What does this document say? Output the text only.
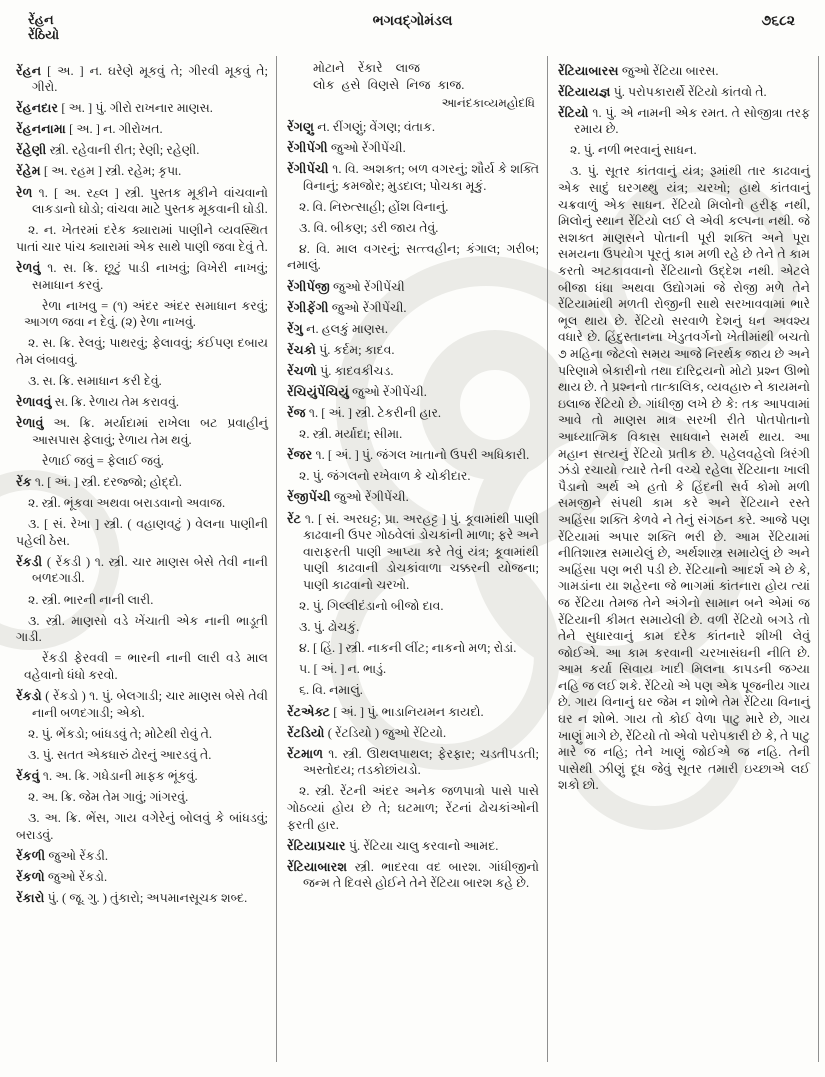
રેંહન
રેંઠિયો
ભગવદ્ગોમંડલ	૭૬૮૨

રેંહન [ અ. ] ન. ઘરેણે મૂકવું તે; ગીરવી મૂકવું તે; ગીરો.

રેંહનદાર [ અ. ] પું. ગીરો રાખનાર માણસ.

રેંહનનામા [ અ. ] ન. ગીરોખત.

રેંહેણી સ્ત્રી. રહેવાની રીત; રેણી; રહેણી.

રેંહેમ [ અ. રહમ ] સ્ત્રી. રહેમ; કૃપા.

રેળ ૧. [ અ. રહ્લ ] સ્ત્રી. પુસ્તક મૂકીને વાંચવાનો લાકડાનો ઘોડો; વાંચવા માટે પુસ્તક મૂકવાની ઘોડી.

૨. ન. ખેતરમાં દરેક ક્યારામાં પાણીને વ્યવસ્થિત પાતાં ચાર પાંચ ક્યારામાં એક સાથે પાણી જવા દેવું તે.

રેળવું ૧. સ. ક્રિ. છૂટું પાડી નાખવું; વિખેરી નાખવું; સમાધાન કરવું.

રેળા નાખવુ = (૧) અંદર અંદર સમાધાન કરવું; આગળ જવા ન દેવું. (૨) રેળા નાખવું.

૨. સ. ક્રિ. રેલવું; પાથરવું; ફેલાવવું; કંઈપણ દબાય તેમ લંબાવવું.

૩. સ. ક્રિ. સમાધાન કરી દેવું.

રેળાવવું સ. ક્રિ. રેળાય તેમ કરાવવું.

રેળાવું અ. ક્રિ. મર્યાદામાં રાખેલા બટ પ્રવાહીનું આસપાસ ફેલાવું; રેળાય તેમ થવું.

રેળાઈ જવું = ફેલાઈ જવું.

રેંક ૧. [ અં. ] સ્ત્રી. દરજ્જો; હોદ્દો.

૨. સ્ત્રી. ભૂંકવા અથવા બરાડવાનો અવાજ.

૩. [ સં. રેખા ] સ્ત્રી. ( વહાણવટું ) વેલના પાણીની પહેલી ઠેસ.

રેંકડી ( રેંકડી ) ૧. સ્ત્રી. ચાર માણસ બેસે તેવી નાની બળદગાડી.

૨. સ્ત્રી. ભારની નાની લારી.

૩. સ્ત્રી. માણસો વડે ખેંચાતી એક નાની ભાડૂતી ગાડી.

રેંકડી ફેરવવી = ભારની નાની લારી વડે માલ વહેવાનો ધંધો કરવો.

રેંકડો ( રેંકડો ) ૧. પું. બેલગાડી; ચાર માણસ બેસે તેવી નાની બળદગાડી; એકો.

૨. પું. ભેંકડો; બાંધડવું તે; મોટેથી રોવું તે.

૩. પું. સતત એકધારું ઢોરનું આરડવું તે.

રેંકવું ૧. અ. ક્રિ. ગધેડાની માફક ભૂંકવું.

૨. અ. ક્રિ. જેમ તેમ ગાવું; ગાંગરવું.

૩. અ. ક્રિ. ભેંસ, ગાય વગેરેનું બોલવું કે બાંધડવું; બરાડવું.

રેંકળી જુઓ રેંકડી.

રેંકળો જુઓ રેંકડો.

રેંકારો પું. ( જૂ. ગુ. ) તુંકારો; અપમાનસૂચક શબ્દ.

મોટાને રેંકારે લાજ
લોક હસે વિણસે નિજ કાજ.
આનંદકાવ્યમહોદધિ

રેંગણુ ન. રીંગણું; વેંગણ; વંતાક.

રેંગીપેંગી જુઓ રેંગીપેંચી.

રેંગીપેંચી ૧. વિ. અશક્ત; બળ વગરનું; શૌર્ય કે શક્તિ વિનાનું; કમજોર; મુડદાલ; પોચકા મૂકું.

૨. વિ. નિરુત્સાહી; હોંશ વિનાનું.

૩. વિ. બીકણ; ડરી જાય તેવું.

૪. વિ. માલ વગરનું; સત્ત્વહીન; કંગાલ; ગરીબ; નમાલું.

રેંગીપેંજી જુઓ રેંગીપેંચી

રેંગીફેંગી જુઓ રેંગીપેંચી.

રેંગુ ન. હલકું માણસ.

રેંચકો પું. કર્દમ; કાદવ.

રેંચળો પું. કાદવકીચડ.

રેંચિયુંપેંચિયું જુઓ રેંગીપેંચી.

રેંજ ૧. [ અં. ] સ્ત્રી. ટેકરીની હાર.

૨. સ્ત્રી. મર્યાદા; સીમા.

રેંજર ૧. [ અં. ] પું. જંગલ ખાતાનો ઉપરી અધિકારી.

૨. પું. જંગલનો રખેવાળ કે ચોકીદાર.

રેંજીપેંચી જુઓ રેંગીપેંચી.

રેંટ ૧. [ સં. અરઘટ્ટ; પ્રા. અરહટ્ટ ] પું. કૂવામાંથી પાણી કાઢવાની ઉપર ગોઠવેલાં ડોચકાંની માળા; ફરે અને વારાફરતી પાણી આપ્યા કરે તેવું યંત્ર; કૂવામાંથી પાણી કાઢવાની ડોચકાંવાળા ચક્કરની યોજના; પાણી કાઢવાનો ચરખો.

૨. પું. ગિલ્લીદંડાનો બીજો દાવ.

૩. પું. ઢોચકું.

૪. [ હિં. ] સ્ત્રી. નાકની લીંટ; નાકનો મળ; રોડાં.

૫. [ અં. ] ન. ભાડું.

૬. વિ. નમાલું.

રેંટએક્ટ [ અં. ] પું. ભાડાનિયમન કાયદો.

રેંટડિયો ( રેંટડિયો ) જુઓ રેંટિયો.

રેંટમાળ ૧. સ્ત્રી. ઊથલપાથલ; ફેરફાર; ચડતીપડતી; અસ્તોદય; તડકોછાંયડો.

૨. સ્ત્રી. રેંટની અંદર અનેક જળપાત્રો પાસે પાસે ગોઠવ્યાં હોય છે તે; ઘટમાળ; રેંટનાં ઢોચકાંઓની ફરતી હાર.

રેંટિયાપ્રચાર પું. રેંટિયા ચાલુ કરવાનો આમદ.

રેંટિયાબારશ સ્ત્રી. ભાદરવા વદ બારશ. ગાંધીજીનો જન્મ તે દિવસે હોઈને તેને રેંટિયા બારશ કહે છે.

રેંટિયાબારસ જુઓ રેંટિયા બારસ.

રેંટિયાયજ્ઞ પું. પરોપકારાર્થે રેંટિયો કાંતવો તે.

રેંટિયો ૧. પું. એ નામની એક રમત. તે સોજીત્રા તરફ રમાય છે.

૨. પું. નળી ભરવાનું સાધન.

૩. પું. સૂતર કાંતવાનું યંત્ર; રૂમાંથી તાર કાઢવાનું એક સાદું ઘરગથ્થુ યંત્ર; ચરખો; હાથે કાંતવાનું ચક્રવાળું એક સાધન. રેંટિયો મિલોનો હરીફ નથી, મિલોનું સ્થાન રેંટિયો લઈ લે એવી કલ્પના નથી. જે સશક્ત માણસને પોતાની પૂરી શક્તિ અને પૂરા સમયના ઉપયોગ પૂરતું કામ મળી રહે છે તેને તે કામ કરતો અટકાવવાનો રેંટિયાનો ઉદ્દેશ નથી. એટલે બીજા ધંધા અથવા ઉદ્યોગમાં જે રોજી મળે તેને રેંટિયામાંથી મળતી રોજીની સાથે સરખાવવામાં ભારે ભૂલ થાય છે. રેંટિયો સરવાળે દેશનું ધન અવશ્ય વધારે છે. હિંદુસ્તાનના ખેડુતવર્ગનો ખેતીમાંથી બચતો ૭ મહિના જેટલો સમય આજે નિરર્થક જાય છે અને પરિણામે બેકારીનો તથા દારિદ્રયનો મોટો પ્રશ્ન ઊભો થાય છે. તે પ્રશ્નનો તાત્કાલિક, વ્યવહારુ ને કાયમનો ઇલાજ રેંટિયો છે. ગાંધીજી લખે છે કે: તક આપવામાં આવે તો માણસ માત્ર સરખી રીતે પોતપોતાનો આધ્યાત્મિક વિકાસ સાધવાને સમર્થ થાય. આ મહાન સત્યનું રેંટિયો પ્રતીક છે. પહેલવહેલો ત્રિરંગી ઝંડો રચાયો ત્યારે તેની વચ્ચે રહેલા રેંટિયાના ખાલી પૈડાનો અર્થ એ હતો કે હિંદની સર્વ કોમો મળી સમજીને સંપથી કામ કરે અને રેંટિયાને રસ્તે અહિંસા શક્તિ કેળવે ને તેનું સંગઠન કરે. આજે પણ રેંટિયામાં અપાર શક્તિ ભરી છે. આમ રેંટિયામાં નીતિશાસ્ત્ર સમાયેલું છે, અર્થશાસ્ત્ર સમાયેલું છે અને અહિંસા પણ ભરી પડી છે. રેંટિયાનો આદર્શ એ છે કે, ગામડાંના યા શહેરના જે ભાગમાં કાંતનારા હોય ત્યાં જ રેંટિયા તેમજ તેને અંગેનો સામાન બને એમાં જ રેંટિયાની કીમત સમાયેલી છે. વળી રેંટિયો બગડે તો તેને સુધારવાનું કામ દરેક કાંતનારે શીખી લેવું જોઈએ. આ કામ કરવાની ચરખાસંઘની નીતિ છે. આમ કર્યા સિવાય ખાદી મિલના કાપડની જગ્યા નહિ જ લઈ શકે. રેંટિયો એ પણ એક પૂજનીય ગાય છે. ગાય વિનાનું ઘર જેમ ન શોભે તેમ રેંટિયા વિનાનું ઘર ન શોભે. ગાય તો કોઈ વેળા પાટુ મારે છે, ગાય ખાણું માગે છે, રેંટિયો તો એવો પરોપકારી છે કે, તે પાટુ મારે જ નહિ; તેને ખાણું જોઈએ જ નહિ. તેની પાસેથી ઝીણું દૂધ જેવું સૂતર તમારી ઇચ્છાએ લઈ શકો છો.
